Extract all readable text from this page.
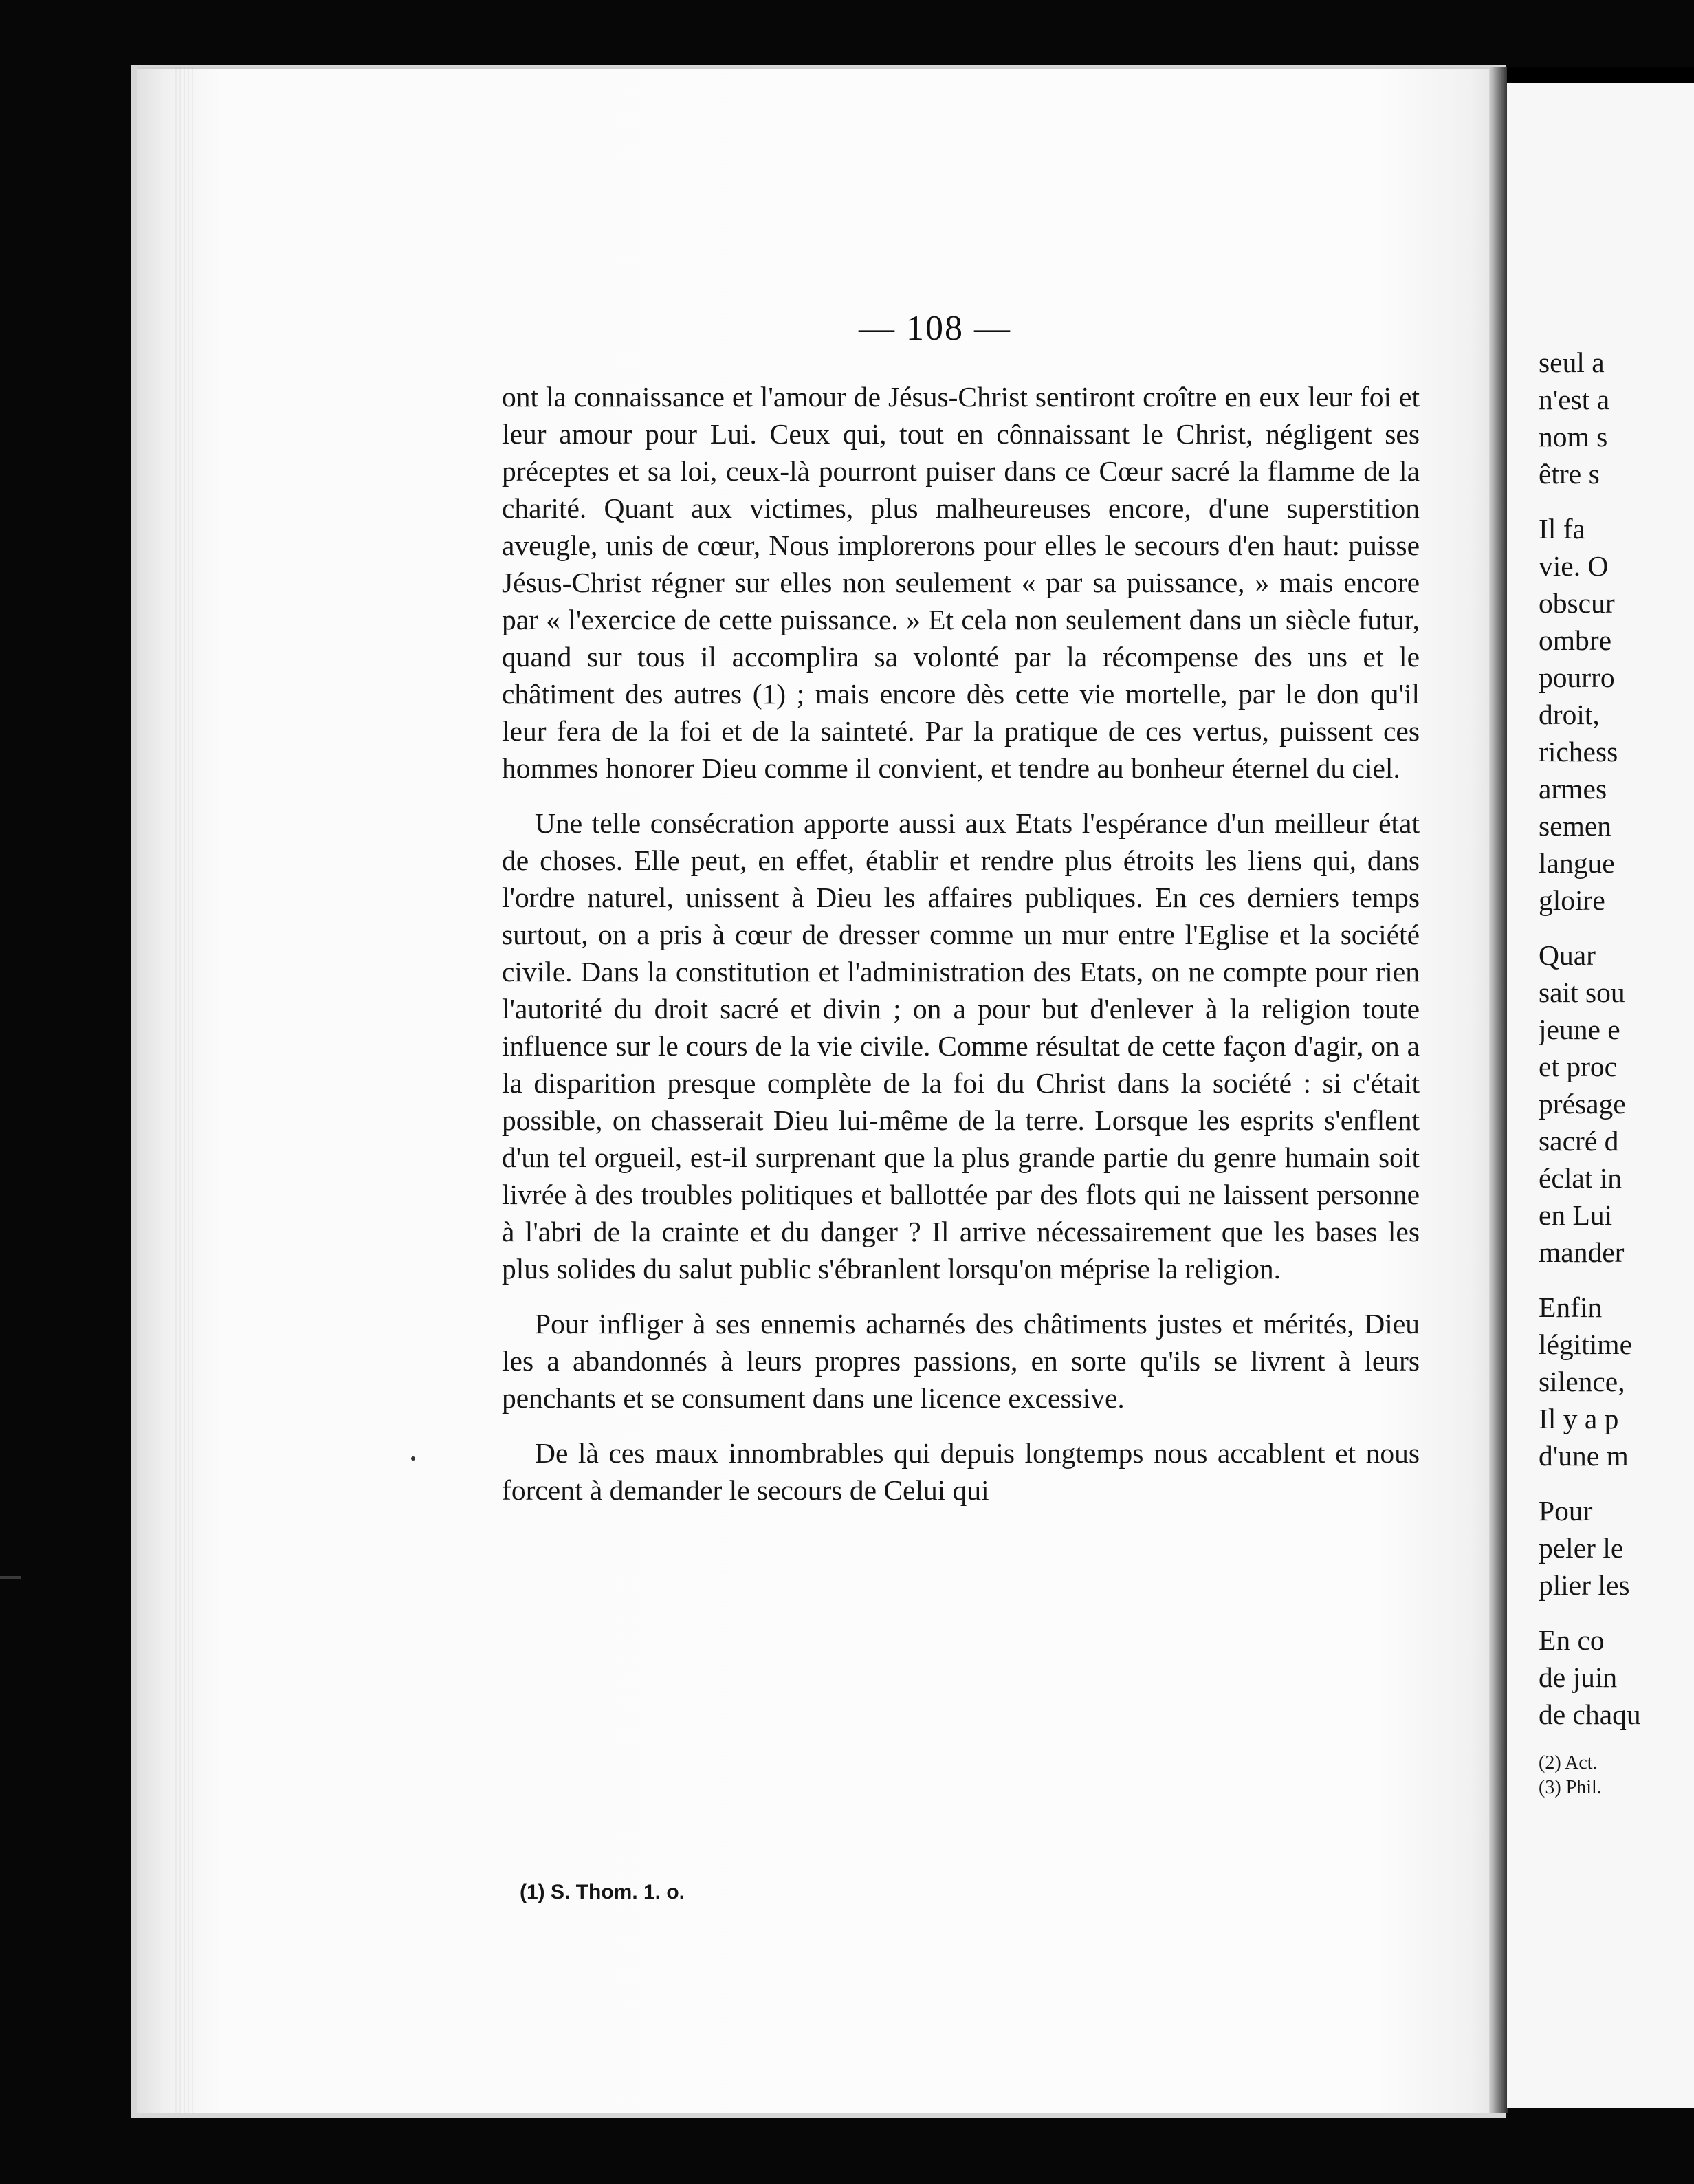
— 108 —

ont la connaissance et l'amour de Jésus-Christ sentiront croître en eux leur foi et leur amour pour Lui. Ceux qui, tout en cônnaissant le Christ, négligent ses préceptes et sa loi, ceux-là pourront puiser dans ce Cœur sacré la flamme de la charité. Quant aux victimes, plus malheureuses encore, d'une superstition aveugle, unis de cœur, Nous implorerons pour elles le secours d'en haut: puisse Jésus-Christ régner sur elles non seulement « par sa puissance, » mais encore par « l'exercice de cette puissance. » Et cela non seulement dans un siècle futur, quand sur tous il accomplira sa volonté par la récompense des uns et le châtiment des autres (1) ; mais encore dès cette vie mortelle, par le don qu'il leur fera de la foi et de la sainteté. Par la pratique de ces vertus, puissent ces hommes honorer Dieu comme il convient, et tendre au bonheur éternel du ciel.

Une telle consécration apporte aussi aux Etats l'espérance d'un meilleur état de choses. Elle peut, en effet, établir et rendre plus étroits les liens qui, dans l'ordre naturel, unissent à Dieu les affaires publiques. En ces derniers temps surtout, on a pris à cœur de dresser comme un mur entre l'Eglise et la société civile. Dans la constitution et l'administration des Etats, on ne compte pour rien l'autorité du droit sacré et divin ; on a pour but d'enlever à la religion toute influence sur le cours de la vie civile. Comme résultat de cette façon d'agir, on a la disparition presque complète de la foi du Christ dans la société : si c'était possible, on chasserait Dieu lui-même de la terre. Lorsque les esprits s'enflent d'un tel orgueil, est-il surprenant que la plus grande partie du genre humain soit livrée à des troubles politiques et ballottée par des flots qui ne laissent personne à l'abri de la crainte et du danger ? Il arrive nécessairement que les bases les plus solides du salut public s'ébranlent lorsqu'on méprise la religion.

Pour infliger à ses ennemis acharnés des châtiments justes et mérités, Dieu les a abandonnés à leurs propres passions, en sorte qu'ils se livrent à leurs penchants et se consument dans une licence excessive.

De là ces maux innombrables qui depuis longtemps nous accablent et nous forcent à demander le secours de Celui qui

(1) S. Thom. 1. o.
seul a
n'est a
nom s
être s
Il fa
vie. O
obscur
ombre
pourro
droit,
richess
armes
semen
langue
gloire
Quar
sait sou
jeune e
et proc
présage
sacré d
éclat in
en Lui
mander
Enfin
légitime
silence,
Il y a p
d'une m
Pour
peler le
plier les
En co
de juin
de chaqu
(2) Act.
(3) Phil.
